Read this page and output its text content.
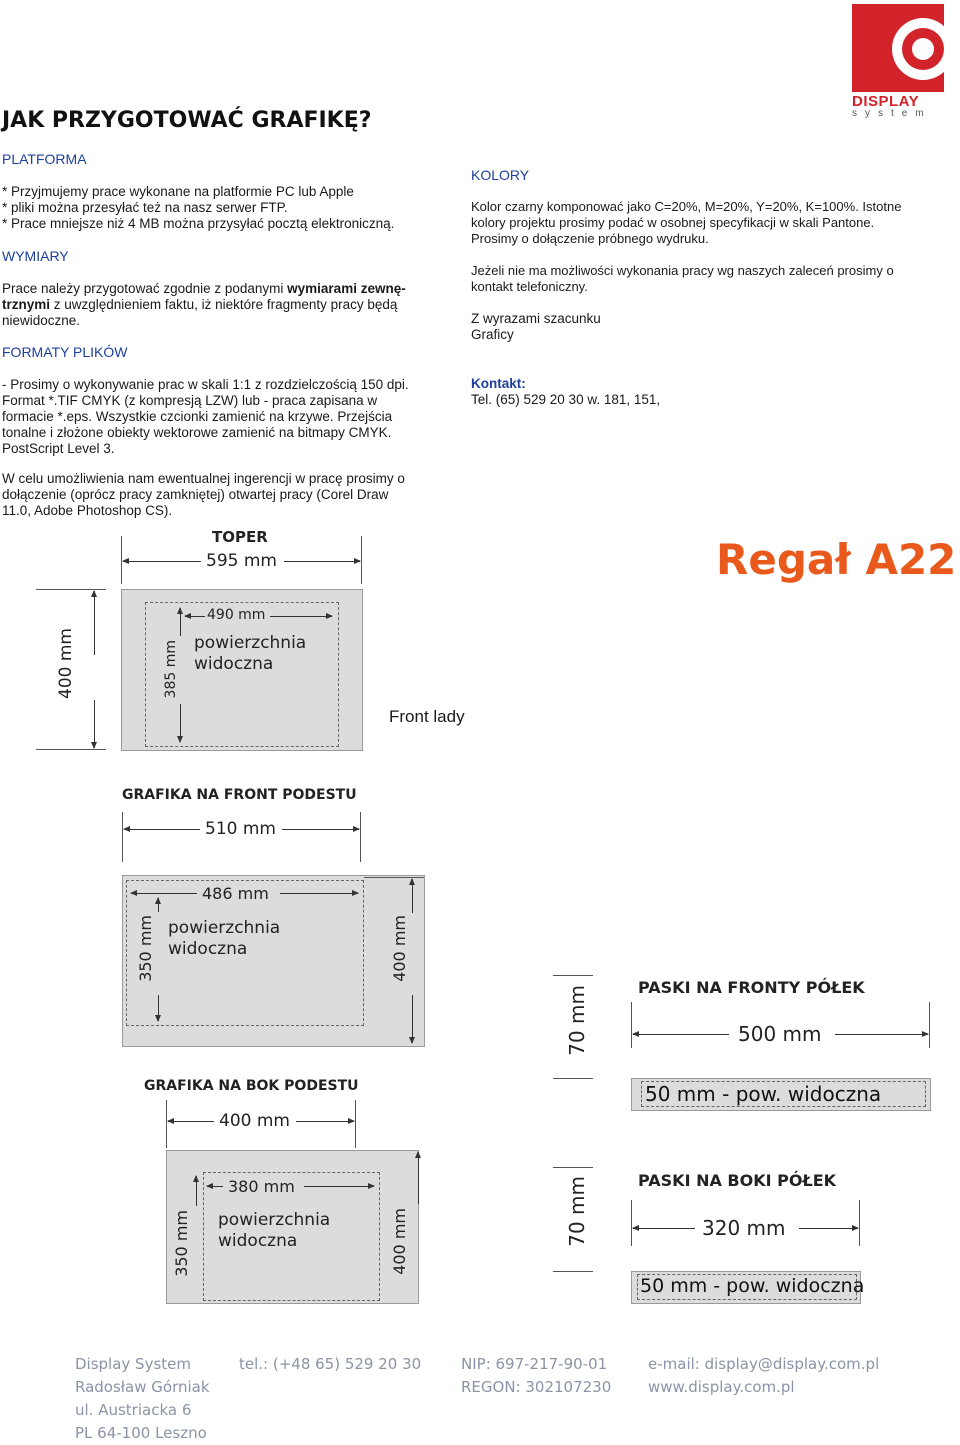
DISPLAY
system
JAK PRZYGOTOWAĆ GRAFIKĘ?
PLATFORMA
* Przyjmujemy prace wykonane na platformie PC lub Apple
* pliki można przesyłać też na nasz serwer FTP.
* Prace mniejsze niż 4 MB można przysyłać pocztą elektroniczną.
WYMIARY
Prace należy przygotować zgodnie z podanymi wymiarami zewnę-
trznymi z uwzględnieniem faktu, iż niektóre fragmenty pracy będą
niewidoczne.
FORMATY PLIKÓW
- Prosimy o wykonywanie prac w skali 1:1 z rozdzielczością 150 dpi.
Format *.TIF CMYK (z kompresją LZW) lub - praca zapisana w
formacie *.eps. Wszystkie czcionki zamienić na krzywe. Przejścia
tonalne i złożone obiekty wektorowe zamienić na bitmapy CMYK.
PostScript Level 3.
W celu umożliwienia nam ewentualnej ingerencji w pracę prosimy o
dołączenie (oprócz pracy zamkniętej) otwartej pracy (Corel Draw
11.0, Adobe Photoshop CS).
KOLORY
Kolor czarny komponować jako C=20%, M=20%, Y=20%, K=100%. Istotne
kolory projektu prosimy podać w osobnej specyfikacji w skali Pantone.
Prosimy o dołączenie próbnego wydruku.
Jeżeli nie ma możliwości wykonania pracy wg naszych zaleceń prosimy o
kontakt telefoniczny.
Z wyrazami szacunku
Graficy
Kontakt:
Tel. (65) 529 20 30 w. 181, 151,
Regał A22
TOPER
595 mm
400 mm
490 mm
385 mm powierzchnia
widoczna
Front lady
GRAFIKA NA FRONT PODESTU
510 mm
486 mm
350 mm powierzchnia
widoczna	400 mm
GRAFIKA NA BOK PODESTU
400 mm
380 mm
350 mm powierzchnia
widoczna	400 mm
PASKI NA FRONTY PÓŁEK
70 mm	500 mm
50 mm - pow. widoczna
PASKI NA BOKI PÓŁEK
70 mm	320 mm
50 mm - pow. widoczna
Display System
Radosław Górniak
ul. Austriacka 6
PL 64-100 Leszno
tel.: (+48 65) 529 20 30	NIP: 697-217-90-01
REGON: 302107230
e-mail: display@display.com.pl
www.display.com.pl
